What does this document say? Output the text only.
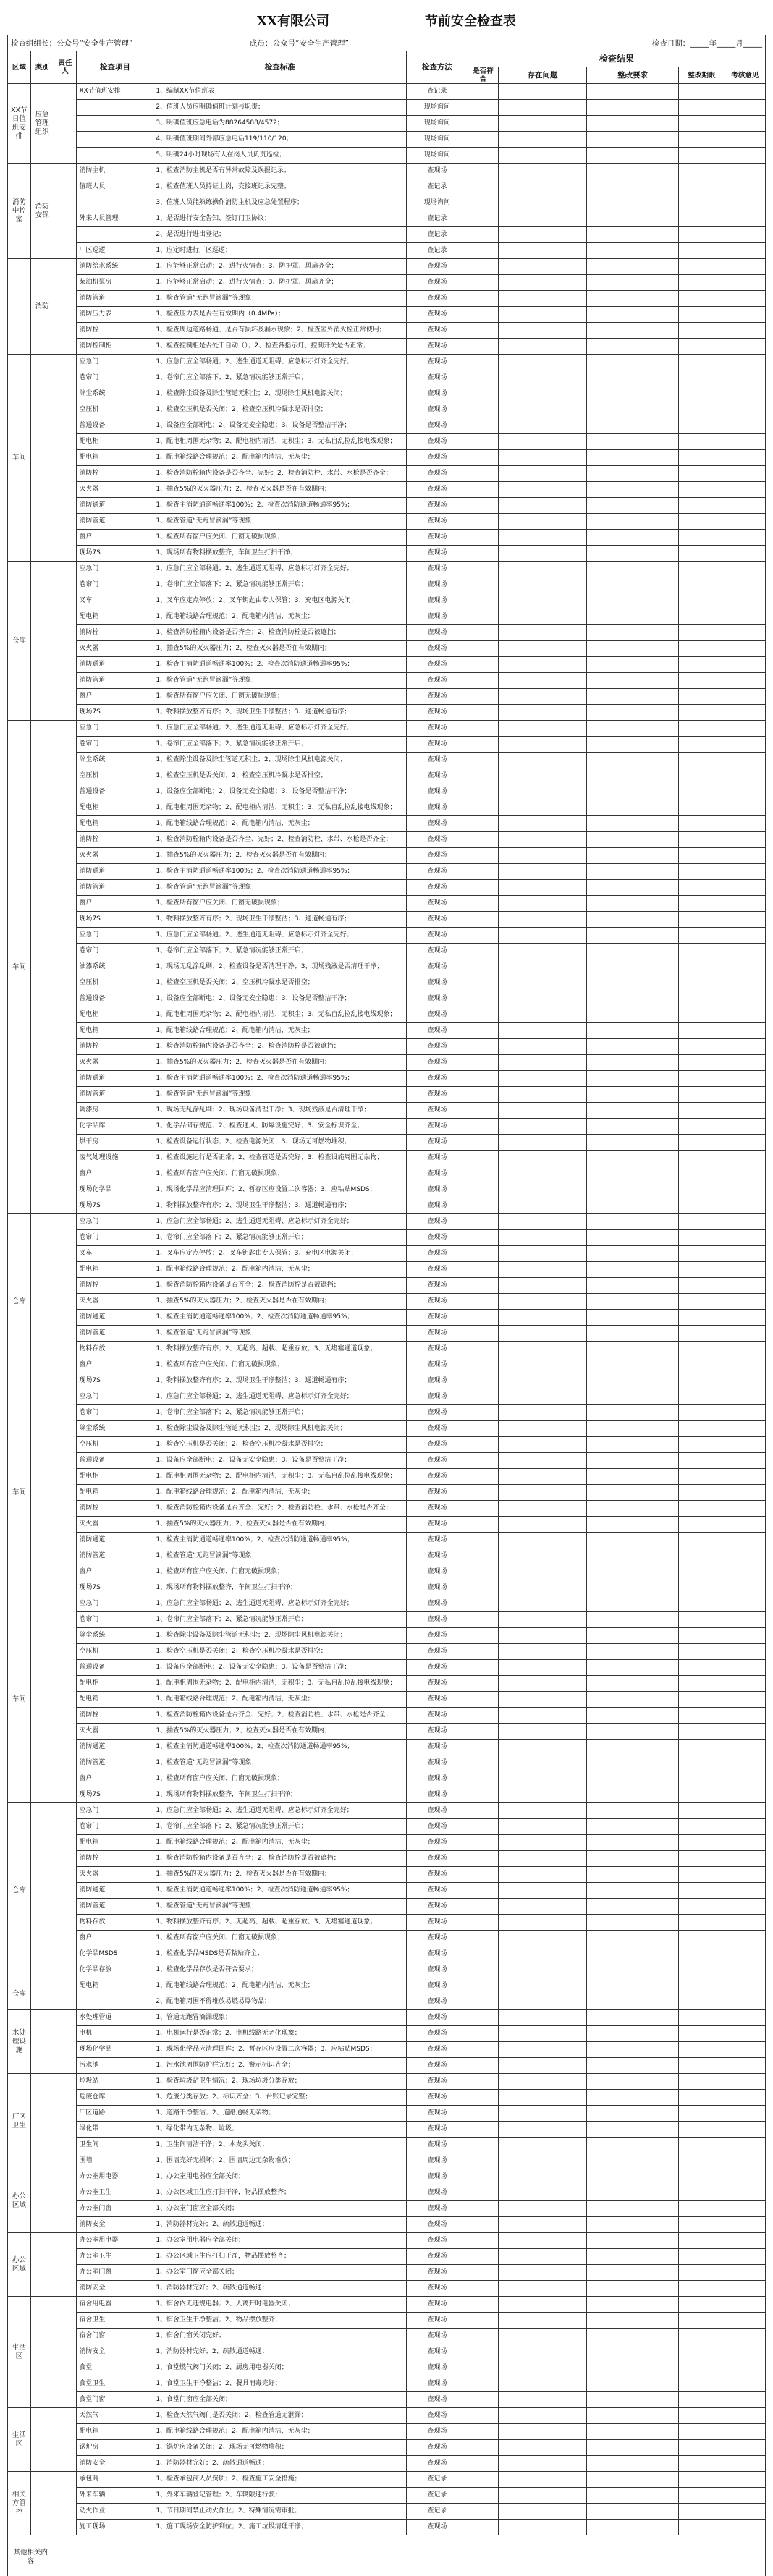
XX有限公司	节前安全检查表
检查组组长：公众号“安全生产管理”	成员：公众号“安全生产管理”	检查日期：_____年_____月_____
区域	类别	责任人	检查项目	检查标准	检查方法	检查结果				
						是否符合	存在问题	整改要求	整改期限	考核意见
XX节日值班安排	应急管理组织		XX节值班安排	1、编制XX节值班表；	查记录					
				2、值班人员应明确值班计划与职责；	现场询问					
				3、明确值班应急电话为88264588/4572；	现场询问					
				4、明确值班期间外部应急电话119/110/120；	现场询问					
				5、明确24小时现场有人在岗人员负责巡检；	现场询问					
消防中控室	消防安保		消防主机	1、检查消防主机是否有异常故障及误报记录；	查现场					
			值班人员	2、检查值班人员持证上岗，交接班记录完整；	查记录					
				3、值班人员能熟练操作消防主机及应急处置程序；	现场询问					
			外来人员管理	1、是否进行安全告知、签订门卫协议；	查记录					
				2、是否进行进出登记；	查记录					
			厂区巡逻	1、应定时进行厂区巡逻；	查记录					
	消防		消防给水系统	1、应能够正常启动；2、进行火情查；3、防护罩、风扇齐全；	查现场					
			柴油机泵房	1、应能够正常启动；2、进行火情查；3、防护罩、风扇齐全；	查现场					
			消防管道	1、检查管道“无跑冒滴漏”等现象；	查现场					
			消防压力表	1、检查压力表是否在有效期内（0.4MPa）；	查现场					
			消防栓	1、检查周边道路畅通、是否有损坏及漏水现象；2、检查室外消火栓正常使用；	查现场					
			消防控制柜	1、检查控制柜是否处于自动（）；2、检查各指示灯、控制开关是否正常；	查现场					
车间			应急门	1、应急门应全部畅通；2、逃生通道无阻碍、应急标示灯齐全完好；	查现场					
			卷帘门	1、卷帘门应全部落下；2、紧急情况能够正常开启；	查现场					
			除尘系统	1、检查除尘设备及除尘管道无积尘；2、现场除尘风机电源关闭；	查现场					
			空压机	1、检查空压机是否关闭；2、检查空压机冷凝水是否排空；	查现场					
			普通设备	1、设备应全部断电；2、设备无安全隐患；3、设备是否整洁干净；	查现场					
			配电柜	1、配电柜周围无杂物；2、配电柜内清洁，无积尘；3、无私自乱拉乱接电线现象；	查现场					
			配电箱	1、配电箱线路合理规范；2、配电箱内清洁，无灰尘；	查现场					
			消防栓	1、检查消防栓箱内设备是否齐全、完好；2、检查消防栓、水带、水枪是否齐全；	查现场					
			灭火器	1、抽查5%的灭火器压力；2、检查灭火器是否在有效期内；	查现场					
			消防通道	1、检查主消防通道畅通率100%；2、检查次消防通道畅通率95%；	查现场					
			消防管道	1、检查管道“无跑冒滴漏”等现象；	查现场					
			窗户	1、检查所有窗户应关闭、门窗无破损现象；	查现场					
			现场7S	1、现场所有物料摆放整齐，车间卫生打扫干净；	查现场					
仓库			应急门	1、应急门应全部畅通；2、逃生通道无阻碍、应急标示灯齐全完好；	查现场					
			卷帘门	1、卷帘门应全部落下；2、紧急情况能够正常开启；	查现场					
			叉车	1、叉车应定点停放；2、叉车钥匙由专人保管；3、充电区电源关闭；	查现场					
			配电箱	1、配电箱线路合理规范；2、配电箱内清洁，无灰尘；	查现场					
			消防栓	1、检查消防栓箱内设备是否齐全；2、检查消防栓是否被遮挡；	查现场					
			灭火器	1、抽查5%的灭火器压力；2、检查灭火器是否在有效期内；	查现场					
			消防通道	1、检查主消防通道畅通率100%；2、检查次消防通道畅通率95%；	查现场					
			消防管道	1、检查管道“无跑冒滴漏”等现象；	查现场					
			窗户	1、检查所有窗户应关闭、门窗无破损现象；	查现场					
			现场7S	1、物料摆放整齐有序；2、现场卫生干净整洁；3、通道畅通有序；	查现场					
车间			应急门	1、应急门应全部畅通；2、逃生通道无阻碍、应急标示灯齐全完好；	查现场					
			卷帘门	1、卷帘门应全部落下；2、紧急情况能够正常开启；	查现场					
			除尘系统	1、检查除尘设备及除尘管道无积尘；2、现场除尘风机电源关闭；	查现场					
			空压机	1、检查空压机是否关闭；2、检查空压机冷凝水是否排空；	查现场					
			普通设备	1、设备应全部断电；2、设备无安全隐患；3、设备是否整洁干净；	查现场					
			配电柜	1、配电柜周围无杂物；2、配电柜内清洁，无积尘；3、无私自乱拉乱接电线现象；	查现场					
			配电箱	1、配电箱线路合理规范；2、配电箱内清洁，无灰尘；	查现场					
			消防栓	1、检查消防栓箱内设备是否齐全、完好；2、检查消防栓、水带、水枪是否齐全；	查现场					
			灭火器	1、抽查5%的灭火器压力；2、检查灭火器是否在有效期内；	查现场					
			消防通道	1、检查主消防通道畅通率100%；2、检查次消防通道畅通率95%；	查现场					
			消防管道	1、检查管道“无跑冒滴漏”等现象；	查现场					
			窗户	1、检查所有窗户应关闭、门窗无破损现象；	查现场					
			现场7S	1、物料摆放整齐有序；2、现场卫生干净整洁；3、通道畅通有序；	查现场					
			应急门	1、应急门应全部畅通；2、逃生通道无阻碍、应急标示灯齐全完好；	查现场					
			卷帘门	1、卷帘门应全部落下；2、紧急情况能够正常开启；	查现场					
			油漆系统	1、现场无乱涂乱刷；2、检查设备是否清理干净；3、现场残液是否清理干净；	查现场					
			空压机	1、检查空压机是否关闭；2、空压机冷凝水是否排空；	查现场					
			普通设备	1、设备应全部断电；2、设备无安全隐患；3、设备是否整洁干净；	查现场					
			配电柜	1、配电柜周围无杂物；2、配电柜内清洁，无积尘；3、无私自乱拉乱接电线现象；	查现场					
			配电箱	1、配电箱线路合理规范；2、配电箱内清洁，无灰尘；	查现场					
			消防栓	1、检查消防栓箱内设备是否齐全；2、检查消防栓是否被遮挡；	查现场					
			灭火器	1、抽查5%的灭火器压力；2、检查灭火器是否在有效期内；	查现场					
			消防通道	1、检查主消防通道畅通率100%；2、检查次消防通道畅通率95%；	查现场					
			消防管道	1、检查管道“无跑冒滴漏”等现象；	查现场					
			调漆房	1、现场无乱涂乱刷；2、现场设备清理干净；3、现场残液是否清理干净；	查现场					
			化学品库	1、化学品储存规范；2、检查通风、防爆设施完好；3、安全标识齐全；	查现场					
			烘干房	1、检查设备运行状态；2、检查电源关闭；3、现场无可燃物堆积；	查现场					
			废气处理设施	1、检查设施运行是否正常；2、检查管道是否完好；3、检查设施周围无杂物；	查现场					
			窗户	1、检查所有窗户应关闭、门窗无破损现象；	查现场					
			现场化学品	1、现场化学品应清理回库；2、暂存区应设置二次容器；3、应粘贴MSDS；	查现场					
			现场7S	1、物料摆放整齐有序；2、现场卫生干净整洁；3、通道畅通有序；	查现场					
仓库			应急门	1、应急门应全部畅通；2、逃生通道无阻碍、应急标示灯齐全完好；	查现场					
			卷帘门	1、卷帘门应全部落下；2、紧急情况能够正常开启；	查现场					
			叉车	1、叉车应定点停放；2、叉车钥匙由专人保管；3、充电区电源关闭；	查现场					
			配电箱	1、配电箱线路合理规范；2、配电箱内清洁，无灰尘；	查现场					
			消防栓	1、检查消防栓箱内设备是否齐全；2、检查消防栓是否被遮挡；	查现场					
			灭火器	1、抽查5%的灭火器压力；2、检查灭火器是否在有效期内；	查现场					
			消防通道	1、检查主消防通道畅通率100%；2、检查次消防通道畅通率95%；	查现场					
			消防管道	1、检查管道“无跑冒滴漏”等现象；	查现场					
			物料存放	1、物料摆放整齐有序；2、无超高、超载、超重存放；3、无堵塞通道现象；	查现场					
			窗户	1、检查所有窗户应关闭、门窗无破损现象；	查现场					
			现场7S	1、物料摆放整齐有序；2、现场卫生干净整洁；3、通道畅通有序；	查现场					
车间			应急门	1、应急门应全部畅通；2、逃生通道无阻碍、应急标示灯齐全完好；	查现场					
			卷帘门	1、卷帘门应全部落下；2、紧急情况能够正常开启；	查现场					
			除尘系统	1、检查除尘设备及除尘管道无积尘；2、现场除尘风机电源关闭；	查现场					
			空压机	1、检查空压机是否关闭；2、检查空压机冷凝水是否排空；	查现场					
			普通设备	1、设备应全部断电；2、设备无安全隐患；3、设备是否整洁干净；	查现场					
			配电柜	1、配电柜周围无杂物；2、配电柜内清洁，无积尘；3、无私自乱拉乱接电线现象；	查现场					
			配电箱	1、配电箱线路合理规范；2、配电箱内清洁，无灰尘；	查现场					
			消防栓	1、检查消防栓箱内设备是否齐全、完好；2、检查消防栓、水带、水枪是否齐全；	查现场					
			灭火器	1、抽查5%的灭火器压力；2、检查灭火器是否在有效期内；	查现场					
			消防通道	1、检查主消防通道畅通率100%；2、检查次消防通道畅通率95%；	查现场					
			消防管道	1、检查管道“无跑冒滴漏”等现象；	查现场					
			窗户	1、检查所有窗户应关闭、门窗无破损现象；	查现场					
			现场7S	1、现场所有物料摆放整齐，车间卫生打扫干净；	查现场					
车间			应急门	1、应急门应全部畅通；2、逃生通道无阻碍、应急标示灯齐全完好；	查现场					
			卷帘门	1、卷帘门应全部落下；2、紧急情况能够正常开启；	查现场					
			除尘系统	1、检查除尘设备及除尘管道无积尘；2、现场除尘风机电源关闭；	查现场					
			空压机	1、检查空压机是否关闭；2、检查空压机冷凝水是否排空；	查现场					
			普通设备	1、设备应全部断电；2、设备无安全隐患；3、设备是否整洁干净；	查现场					
			配电柜	1、配电柜周围无杂物；2、配电柜内清洁，无积尘；3、无私自乱拉乱接电线现象；	查现场					
			配电箱	1、配电箱线路合理规范；2、配电箱内清洁，无灰尘；	查现场					
			消防栓	1、检查消防栓箱内设备是否齐全、完好；2、检查消防栓、水带、水枪是否齐全；	查现场					
			灭火器	1、抽查5%的灭火器压力；2、检查灭火器是否在有效期内；	查现场					
			消防通道	1、检查主消防通道畅通率100%；2、检查次消防通道畅通率95%；	查现场					
			消防管道	1、检查管道“无跑冒滴漏”等现象；	查现场					
			窗户	1、检查所有窗户应关闭、门窗无破损现象；	查现场					
			现场7S	1、现场所有物料摆放整齐，车间卫生打扫干净；	查现场					
仓库			应急门	1、应急门应全部畅通；2、逃生通道无阻碍、应急标示灯齐全完好；	查现场					
			卷帘门	1、卷帘门应全部落下；2、紧急情况能够正常开启；	查现场					
			配电箱	1、配电箱线路合理规范；2、配电箱内清洁，无灰尘；	查现场					
			消防栓	1、检查消防栓箱内设备是否齐全；2、检查消防栓是否被遮挡；	查现场					
			灭火器	1、抽查5%的灭火器压力；2、检查灭火器是否在有效期内；	查现场					
			消防通道	1、检查主消防通道畅通率100%；2、检查次消防通道畅通率95%；	查现场					
			消防管道	1、检查管道“无跑冒滴漏”等现象；	查现场					
			物料存放	1、物料摆放整齐有序；2、无超高、超载、超重存放；3、无堵塞通道现象；	查现场					
			窗户	1、检查所有窗户应关闭、门窗无破损现象；	查现场					
			化学品MSDS	1、检查化学品MSDS是否粘贴齐全；	查现场					
			化学品存放	1、检查化学品存放是否符合要求；	查现场					
仓库			配电箱	1、配电箱线路合理规范；2、配电箱内清洁，无灰尘；	查现场					
				2、配电箱周围不得堆放易燃易爆物品；	查现场					
水处理设施			水处理管道	1、管道无跑冒滴漏现象；	查现场					
			电机	1、电机运行是否正常；2、电机线路无老化现象；	查现场					
			现场化学品	1、现场化学品应清理回库；2、暂存区应设置二次容器；3、应粘贴MSDS；	查现场					
			污水池	1、污水池周围防护栏完好；2、警示标识齐全；	查现场					
厂区卫生			垃圾站	1、检查垃圾站卫生情况；2、现场垃圾分类存放；	查现场					
			危废仓库	1、危废分类存放；2、标识齐全；3、台账记录完整；	查现场					
			厂区道路	1、道路干净整洁；2、道路通畅无杂物；	查现场					
			绿化带	1、绿化带内无杂物、垃圾；	查现场					
			卫生间	1、卫生间清洁干净；2、水龙头关闭；	查现场					
			围墙	1、围墙完好无损坏；2、围墙周边无杂物堆放；	查现场					
办公区域			办公室用电器	1、办公室用电器应全部关闭；	查现场					
			办公室卫生	1、办公区域卫生应打扫干净，物品摆放整齐；	查现场					
			办公室门窗	1、办公室门窗应全部关闭；	查现场					
			消防安全	1、消防器材完好；2、疏散通道畅通；	查现场					
办公区域			办公室用电器	1、办公室用电器应全部关闭；	查现场					
			办公室卫生	1、办公区域卫生应打扫干净，物品摆放整齐；	查现场					
			办公室门窗	1、办公室门窗应全部关闭；	查现场					
			消防安全	1、消防器材完好；2、疏散通道畅通；	查现场					
生活区			宿舍用电器	1、宿舍内无违规电器；2、人离开时电器关闭；	查现场					
			宿舍卫生	1、宿舍卫生干净整洁；2、物品摆放整齐；	查现场					
			宿舍门窗	1、宿舍门窗关闭完好；	查现场					
			消防安全	1、消防器材完好；2、疏散通道畅通；	查现场					
			食堂	1、食堂燃气阀门关闭；2、厨房用电器关闭；	查现场					
			食堂卫生	1、食堂卫生干净整洁；2、餐具消毒完好；	查现场					
			食堂门窗	1、食堂门窗应全部关闭；	查现场					
生活区			天然气	1、检查天然气阀门是否关闭；2、检查管道无泄漏；	查现场					
			配电箱	1、配电箱线路合理规范；2、配电箱内清洁，无灰尘；	查现场					
			锅炉房	1、锅炉房设备关闭；2、现场无可燃物堆积；	查现场					
			消防安全	1、消防器材完好；2、疏散通道畅通；	查现场					
相关方管控			承包商	1、检查承包商人员资质；2、检查施工安全措施；	查记录					
			外来车辆	1、外来车辆登记管理；2、车辆限速行驶；	查记录					
			动火作业	1、节日期间禁止动火作业；2、特殊情况需审批；	查记录					
			施工现场	1、施工现场安全防护到位；2、施工垃圾清理干净；	查现场					
其他相关内容										
